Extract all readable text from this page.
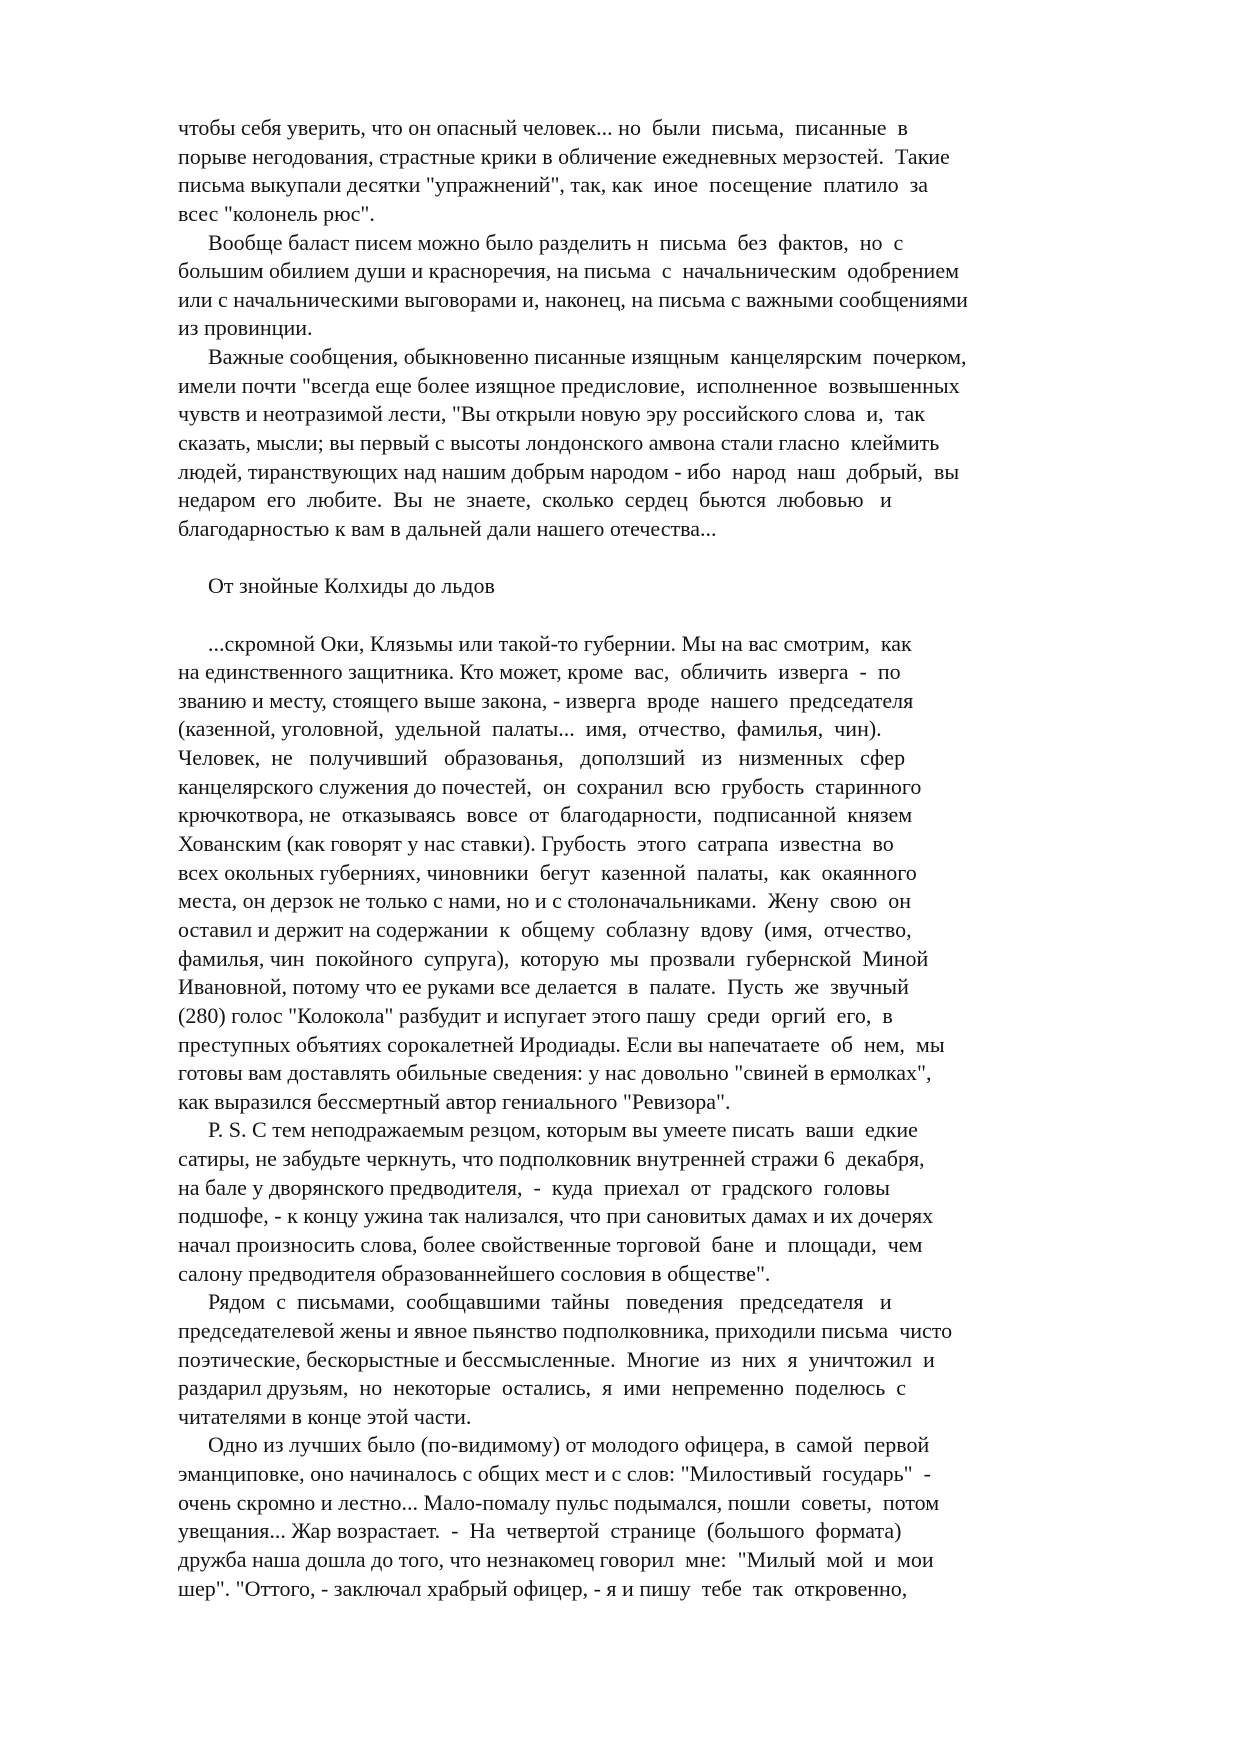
чтобы себя уверить, что он опасный человек... но  были  письма,  писанные  в
порыве негодования, страстные крики в обличение ежедневных мерзостей.  Такие
письма выкупали десятки "упражнений", так, как  иное  посещение  платило  за
всес "колонель рюс".
Вообще баласт писем можно было разделить н  письма  без  фактов,  но  с
большим обилием души и красноречия, на письма  с  начальническим  одобрением
или с начальническими выговорами и, наконец, на письма с важными сообщениями
из провинции.
Важные сообщения, обыкновенно писанные изящным  канцелярским  почерком,
имели почти "всегда еще более изящное предисловие,  исполненное  возвышенных
чувств и неотразимой лести, "Вы открыли новую эру российского слова  и,  так
сказать, мысли; вы первый с высоты лондонского амвона стали гласно  клеймить
людей, тиранствующих над нашим добрым народом - ибо  народ  наш  добрый,  вы
недаром  его  любите.  Вы  не  знаете,  сколько  сердец  бьются  любовью   и
благодарностью к вам в дальней дали нашего отечества...
От знойные Колхиды до льдов
...скромной Оки, Клязьмы или такой-то губернии. Мы на вас смотрим,  как
на единственного защитника. Кто может, кроме  вас,  обличить  изверга  -  по
званию и месту, стоящего выше закона, - изверга  вроде  нашего  председателя
(казенной, уголовной,  удельной  палаты...  имя,  отчество,  фамилья,  чин).
Человек,  не   получивший   образованья,   доползший   из   низменных   сфер
канцелярского служения до почестей,  он  сохранил  всю  грубость  старинного
крючкотвора, не  отказываясь  вовсе  от  благодарности,  подписанной  князем
Хованским (как говорят у нас ставки). Грубость  этого  сатрапа  известна  во
всех окольных губерниях, чиновники  бегут  казенной  палаты,  как  окаянного
места, он дерзок не только с нами, но и с столоначальниками.  Жену  свою  он
оставил и держит на содержании  к  общему  соблазну  вдову  (имя,  отчество,
фамилья, чин  покойного  супруга),  которую  мы  прозвали  губернской  Миной
Ивановной, потому что ее руками все делается  в  палате.  Пусть  же  звучный
(280) голос "Колокола" разбудит и испугает этого пашу  среди  оргий  его,  в
преступных объятиях сорокалетней Иродиады. Если вы напечатаете  об  нем,  мы
готовы вам доставлять обильные сведения: у нас довольно "свиней в ермолках",
как выразился бессмертный автор гениального "Ревизора".
P. S. С тем неподражаемым резцом, которым вы умеете писать  ваши  едкие
сатиры, не забудьте черкнуть, что подполковник внутренней стражи 6  декабря,
на бале у дворянского предводителя,  -  куда  приехал  от  градского  головы
подшофе, - к концу ужина так нализался, что при сановитых дамах и их дочерях
начал произносить слова, более свойственные торговой  бане  и  площади,  чем
салону предводителя образованнейшего сословия в обществе".
Рядом  с  письмами,  сообщавшими  тайны   поведения   председателя   и
председателевой жены и явное пьянство подполковника, приходили письма  чисто
поэтические, бескорыстные и бессмысленные.  Многие  из  них  я  уничтожил  и
раздарил друзьям,  но  некоторые  остались,  я  ими  непременно  поделюсь  с
читателями в конце этой части.
Одно из лучших было (по-видимому) от молодого офицера, в  самой  первой
эманциповке, оно начиналось с общих мест и с слов: "Милостивый  государь"  -
очень скромно и лестно... Мало-помалу пульс подымался, пошли  советы,  потом
увещания... Жар возрастает.  -  На  четвертой  странице  (большого  формата)
дружба наша дошла до того, что незнакомец говорил  мне:  "Милый  мой  и  мои
шер". "Оттого, - заключал храбрый офицер, - я и пишу  тебе  так  откровенно,
